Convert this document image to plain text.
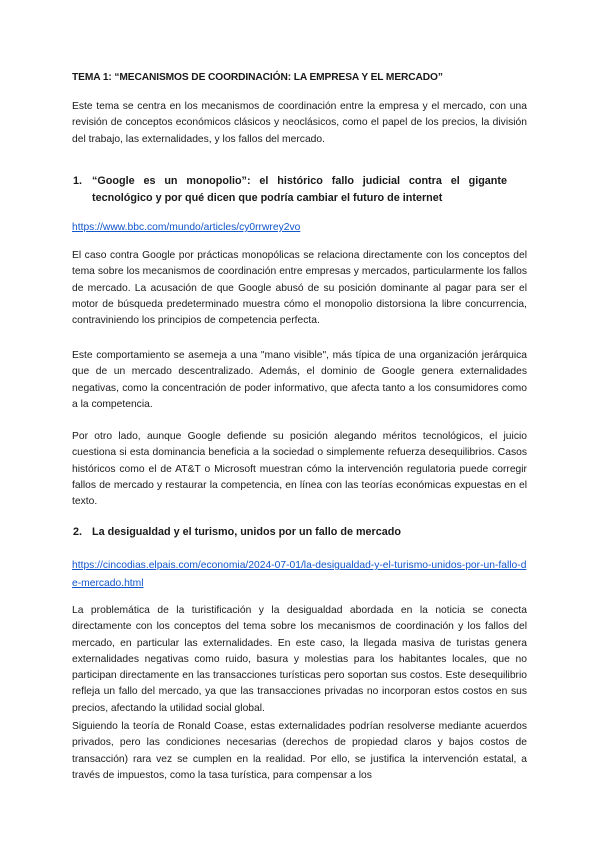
TEMA 1: “MECANISMOS DE COORDINACIÓN: LA EMPRESA Y EL MERCADO”

Este tema se centra en los mecanismos de coordinación entre la empresa y el mercado, con una revisión de conceptos económicos clásicos y neoclásicos, como el papel de los precios, la división del trabajo, las externalidades, y los fallos del mercado.

1. “Google es un monopolio”: el histórico fallo judicial contra el gigante tecnológico y por qué dicen que podría cambiar el futuro de internet
https://www.bbc.com/mundo/articles/cy0rrwrey2vo

El caso contra Google por prácticas monopólicas se relaciona directamente con los conceptos del tema sobre los mecanismos de coordinación entre empresas y mercados, particularmente los fallos de mercado. La acusación de que Google abusó de su posición dominante al pagar para ser el motor de búsqueda predeterminado muestra cómo el monopolio distorsiona la libre concurrencia, contraviniendo los principios de competencia perfecta.

Este comportamiento se asemeja a una "mano visible", más típica de una organización jerárquica que de un mercado descentralizado. Además, el dominio de Google genera externalidades negativas, como la concentración de poder informativo, que afecta tanto a los consumidores como a la competencia.

Por otro lado, aunque Google defiende su posición alegando méritos tecnológicos, el juicio cuestiona si esta dominancia beneficia a la sociedad o simplemente refuerza desequilibrios. Casos históricos como el de AT&T o Microsoft muestran cómo la intervención regulatoria puede corregir fallos de mercado y restaurar la competencia, en línea con las teorías económicas expuestas en el texto.

2. La desigualdad y el turismo, unidos por un fallo de mercado
https://cincodias.elpais.com/economia/2024-07-01/la-desigualdad-y-el-turismo-unidos-por-un-fallo-de-mercado.html

La problemática de la turistificación y la desigualdad abordada en la noticia se conecta directamente con los conceptos del tema sobre los mecanismos de coordinación y los fallos del mercado, en particular las externalidades. En este caso, la llegada masiva de turistas genera externalidades negativas como ruido, basura y molestias para los habitantes locales, que no participan directamente en las transacciones turísticas pero soportan sus costos. Este desequilibrio refleja un fallo del mercado, ya que las transacciones privadas no incorporan estos costos en sus precios, afectando la utilidad social global.

Siguiendo la teoría de Ronald Coase, estas externalidades podrían resolverse mediante acuerdos privados, pero las condiciones necesarias (derechos de propiedad claros y bajos costos de transacción) rara vez se cumplen en la realidad. Por ello, se justifica la intervención estatal, a través de impuestos, como la tasa turística, para compensar a los
